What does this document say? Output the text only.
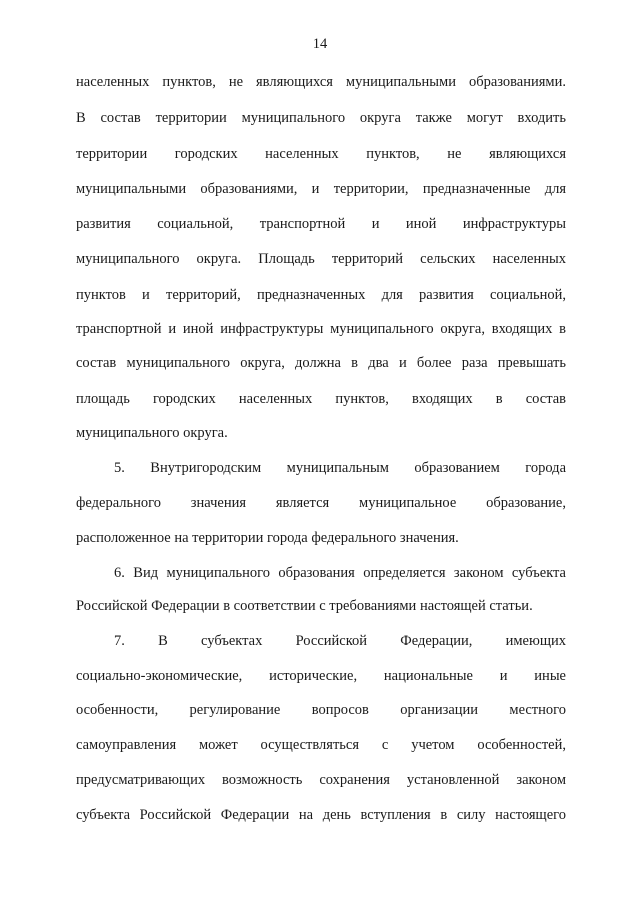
14

населенных пунктов, не являющихся муниципальными образованиями.

В состав территории муниципального округа также могут входить

территории городских населенных пунктов, не являющихся

муниципальными образованиями, и территории, предназначенные для

развития социальной, транспортной и иной инфраструктуры

муниципального округа. Площадь территорий сельских населенных

пунктов и территорий, предназначенных для развития социальной,

транспортной и иной инфраструктуры муниципального округа, входящих в

состав муниципального округа, должна в два и более раза превышать

площадь городских населенных пунктов, входящих в состав

муниципального округа.

5. Внутригородским муниципальным образованием города

федерального значения является муниципальное образование,

расположенное на территории города федерального значения.

6. Вид муниципального образования определяется законом субъекта

Российской Федерации в соответствии с требованиями настоящей статьи.

7. В субъектах Российской Федерации, имеющих

социально-экономические, исторические, национальные и иные

особенности, регулирование вопросов организации местного

самоуправления может осуществляться с учетом особенностей,

предусматривающих возможность сохранения установленной законом

субъекта Российской Федерации на день вступления в силу настоящего
